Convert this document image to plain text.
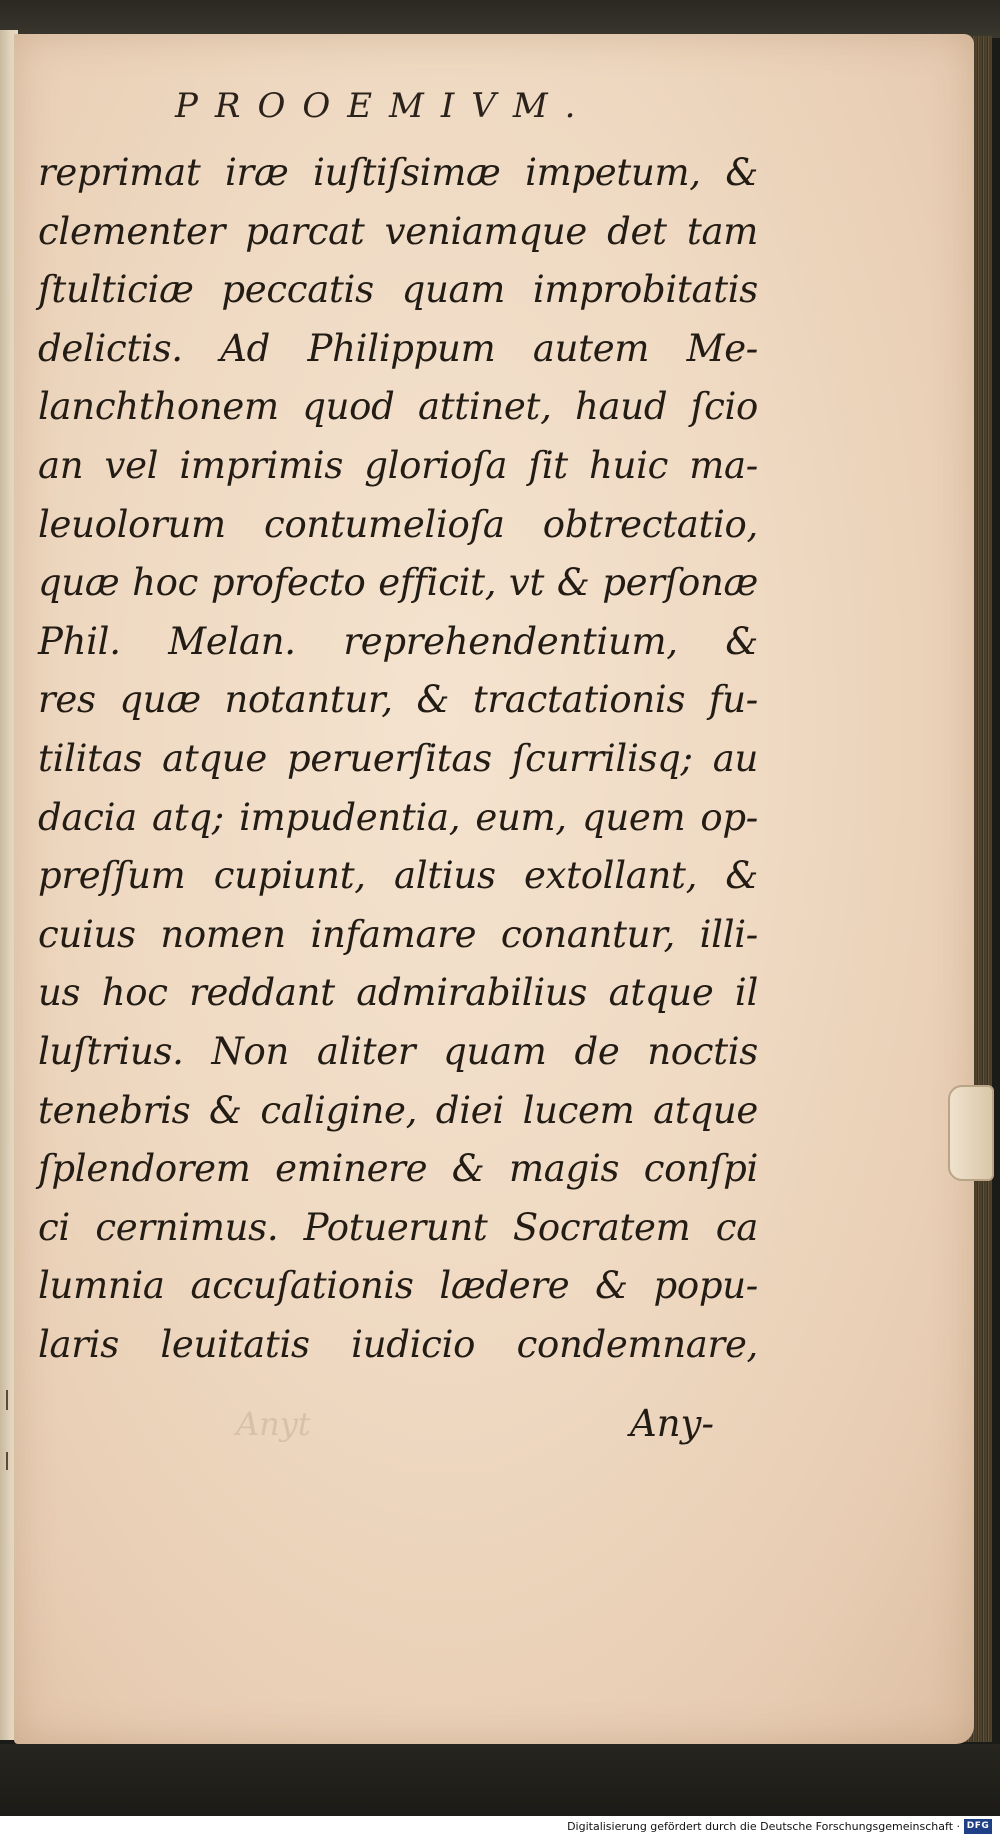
PROOEMIVM.
reprimat iræ iuſtiſsimæ impetum, &
clementer parcat veniamque det tam
ſtulticiæ peccatis quam improbitatis
delictis. Ad Philippum autem Me-
lanchthonem quod attinet, haud ſcio
an vel imprimis glorioſa ſit huic ma-
leuolorum contumelioſa obtrectatio,
quæ hoc profecto efficit, vt & perſonæ
Phil. Melan. reprehendentium, &
res quæ notantur, & tractationis fu-
tilitas atque peruerſitas ſcurrilisq; au
dacia atq; impudentia, eum, quem op-
preſſum cupiunt, altius extollant, &
cuius nomen infamare conantur, illi-
us hoc reddant admirabilius atque il
luſtrius. Non aliter quam de noctis
tenebris & caligine, diei lucem atque
ſplendorem eminere & magis conſpi
ci cernimus. Potuerunt Socratem ca
lumnia accuſationis lædere & popu-
laris leuitatis iudicio condemnare,
Anyt	Any-
Digitalisierung gefördert durch die Deutsche Forschungsgemeinschaft · DFG
